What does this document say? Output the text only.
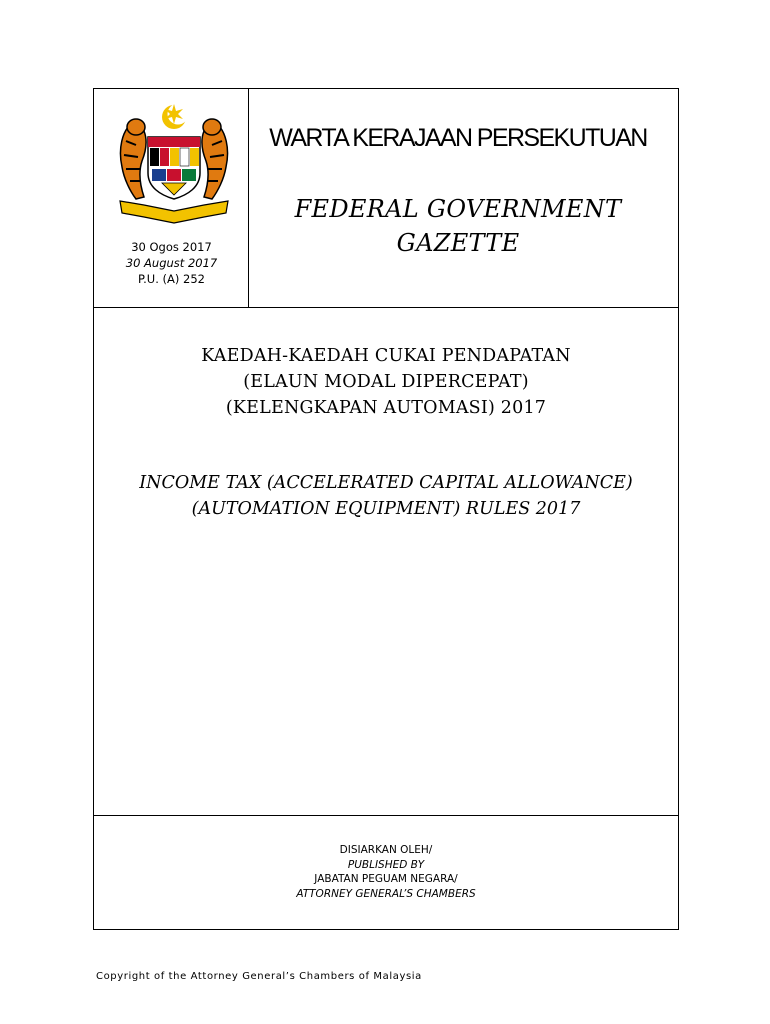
30 Ogos 2017
30 August 2017
P.U. (A) 252
WARTA KERAJAAN PERSEKUTUAN
FEDERAL GOVERNMENT
GAZETTE
KAEDAH-KAEDAH CUKAI PENDAPATAN
(ELAUN MODAL DIPERCEPAT)
(KELENGKAPAN AUTOMASI) 2017
INCOME TAX (ACCELERATED CAPITAL ALLOWANCE)
(AUTOMATION EQUIPMENT) RULES 2017
DISIARKAN OLEH/
PUBLISHED BY
JABATAN PEGUAM NEGARA/
ATTORNEY GENERAL’S CHAMBERS
Copyright of the Attorney General’s Chambers of Malaysia
